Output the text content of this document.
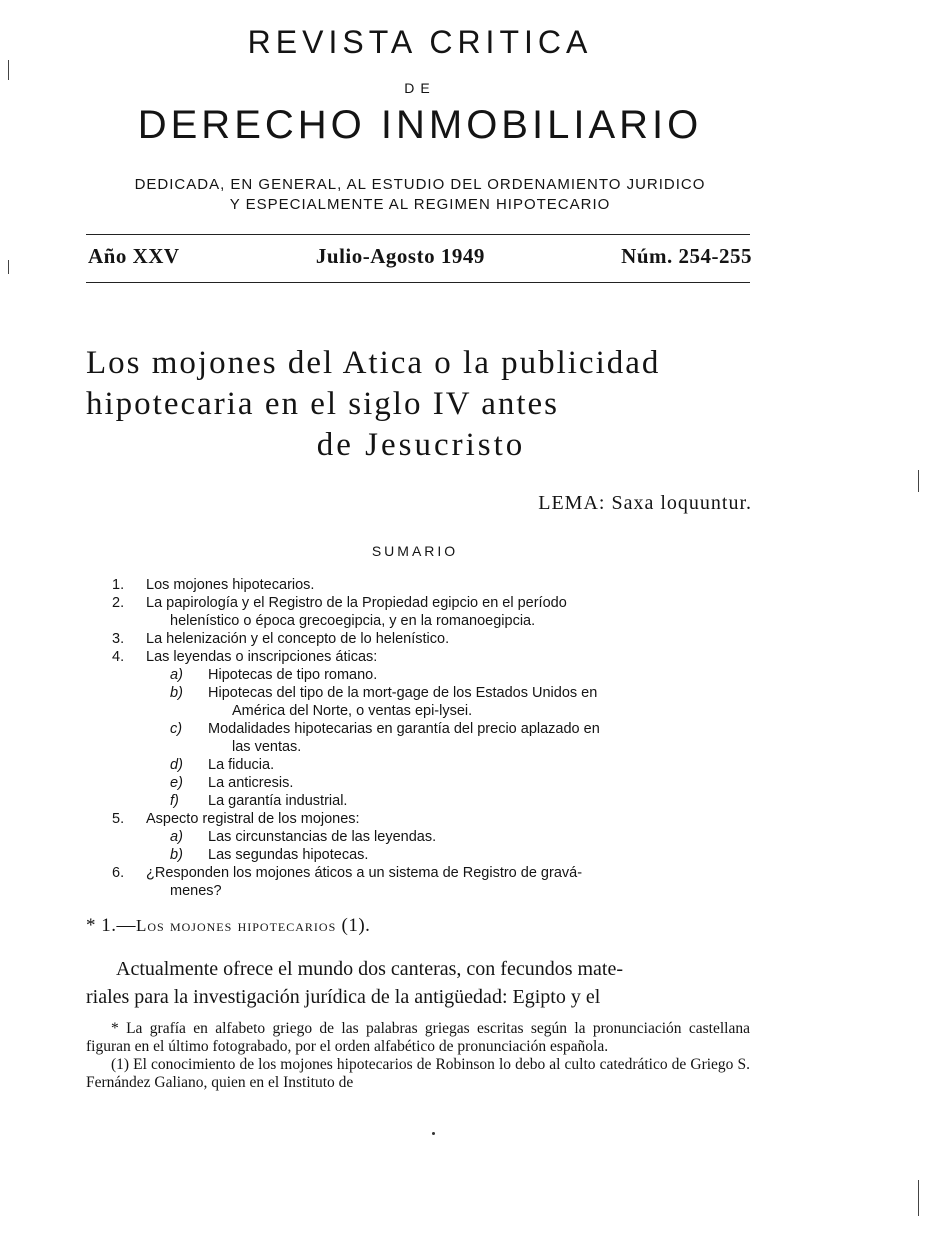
REVISTA CRITICA
DE
DERECHO INMOBILIARIO
DEDICADA, EN GENERAL, AL ESTUDIO DEL ORDENAMIENTO JURIDICO
Y ESPECIALMENTE AL REGIMEN HIPOTECARIO
Año XXV	Julio-Agosto 1949	Núm. 254-255
Los mojones del Atica o la publicidad
hipotecaria en el siglo IV antes
de Jesucristo
LEMA: Saxa loquuntur.
SUMARIO
1. Los mojones hipotecarios.
2. La papirología y el Registro de la Propiedad egipcio en el período
helenístico o época grecoegipcia, y en la romanoegipcia.
3. La helenización y el concepto de lo helenístico.
4. Las leyendas o inscripciones áticas:
a) Hipotecas de tipo romano.
b) Hipotecas del tipo de la mort-gage de los Estados Unidos en
América del Norte, o ventas epi-lysei.
c) Modalidades hipotecarias en garantía del precio aplazado en
las ventas.
d) La fiducia.
e) La anticresis.
f) La garantía industrial.
5. Aspecto registral de los mojones:
a) Las circunstancias de las leyendas.
b) Las segundas hipotecas.
6. ¿Responden los mojones áticos a un sistema de Registro de gravá-
menes?
* 1.—Los mojones hipotecarios (1).
Actualmente ofrece el mundo dos canteras, con fecundos mate-
riales para la investigación jurídica de la antigüedad: Egipto y el

* La grafía en alfabeto griego de las palabras griegas escritas según la pronunciación castellana figuran en el último fotograbado, por el orden alfabético de pronunciación española.

(1) El conocimiento de los mojones hipotecarios de Robinson lo debo al culto catedrático de Griego S. Fernández Galiano, quien en el Instituto de
